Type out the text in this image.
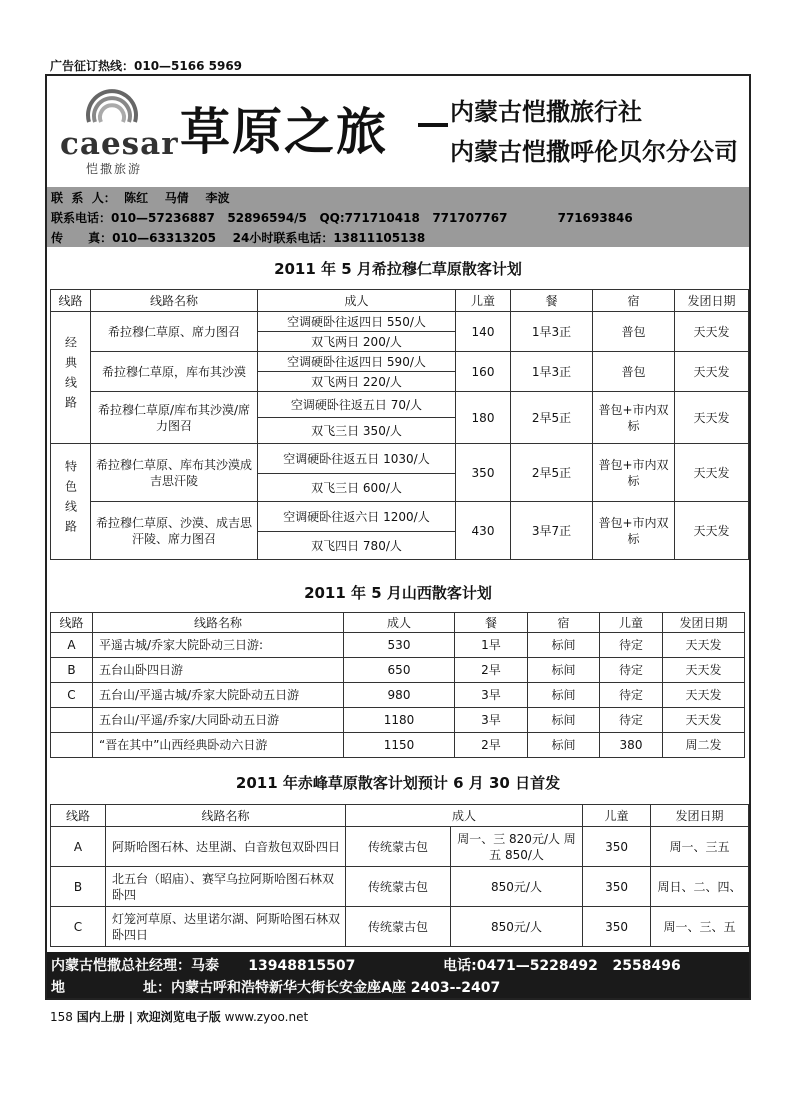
广告征订热线：010—5166 5969
caesar
恺撒旅游
草原之旅	内蒙古恺撒旅行社
内蒙古恺撒呼伦贝尔分公司
联  系  人：  陈红    马倩    李波
联系电话：010—57236887   52896594/5   QQ:771710418   771707767            771693846
传      真：010—63313205    24小时联系电话：13811105138
2011 年 5 月希拉穆仁草原散客计划
线路	线路名称	成人	儿童	餐	宿	发团日期
经典线路	希拉穆仁草原、席力图召	空调硬卧往返四日 550/人	140	1早3正	普包	天天发
		双飞两日 200/人				
	希拉穆仁草原，库布其沙漠	空调硬卧往返四日 590/人	160	1早3正	普包	天天发
		双飞两日 220/人				
	希拉穆仁草原/库布其沙漠/席力图召	空调硬卧往返五日 70/人	180	2早5正	普包+市内双标	天天发
		双飞三日 350/人				
特色线路	希拉穆仁草原、库布其沙漠成吉思汗陵	空调硬卧往返五日 1030/人	350	2早5正	普包+市内双标	天天发
		双飞三日 600/人				
	希拉穆仁草原、沙漠、成吉思汗陵、席力图召	空调硬卧往返六日 1200/人	430	3早7正	普包+市内双标	天天发
		双飞四日 780/人				
2011 年 5 月山西散客计划
线路	线路名称	成人	餐	宿	儿童	发团日期
A	平遥古城/乔家大院卧动三日游:	530	1早	标间	待定	天天发
B	五台山卧四日游	650	2早	标间	待定	天天发
C	五台山/平遥古城/乔家大院卧动五日游	980	3早	标间	待定	天天发
	五台山/平遥/乔家/大同卧动五日游	1180	3早	标间	待定	天天发
	“晋在其中”山西经典卧动六日游	1150	2早	标间	380	周二发
2011 年赤峰草原散客计划预计 6 月 30 日首发
线路	线路名称	成人		儿童	发团日期
A	阿斯哈图石林、达里湖、白音敖包双卧四日	传统蒙古包	周一、三 820元/人 周五 850/人	350	周一、三五
B	北五台（昭庙）、赛罕乌拉阿斯哈图石林双卧四	传统蒙古包	850元/人	350	周日、二、四、
C	灯笼河草原、达里诺尔湖、阿斯哈图石林双卧四日	传统蒙古包	850元/人	350	周一、三、五
内蒙古恺撒总社经理：马泰      13948815507                  电话:0471—5228492   2558496
地                址：内蒙古呼和浩特新华大街长安金座A座 2403--2407
158 国内上册 | 欢迎浏览电子版 www.zyoo.net
